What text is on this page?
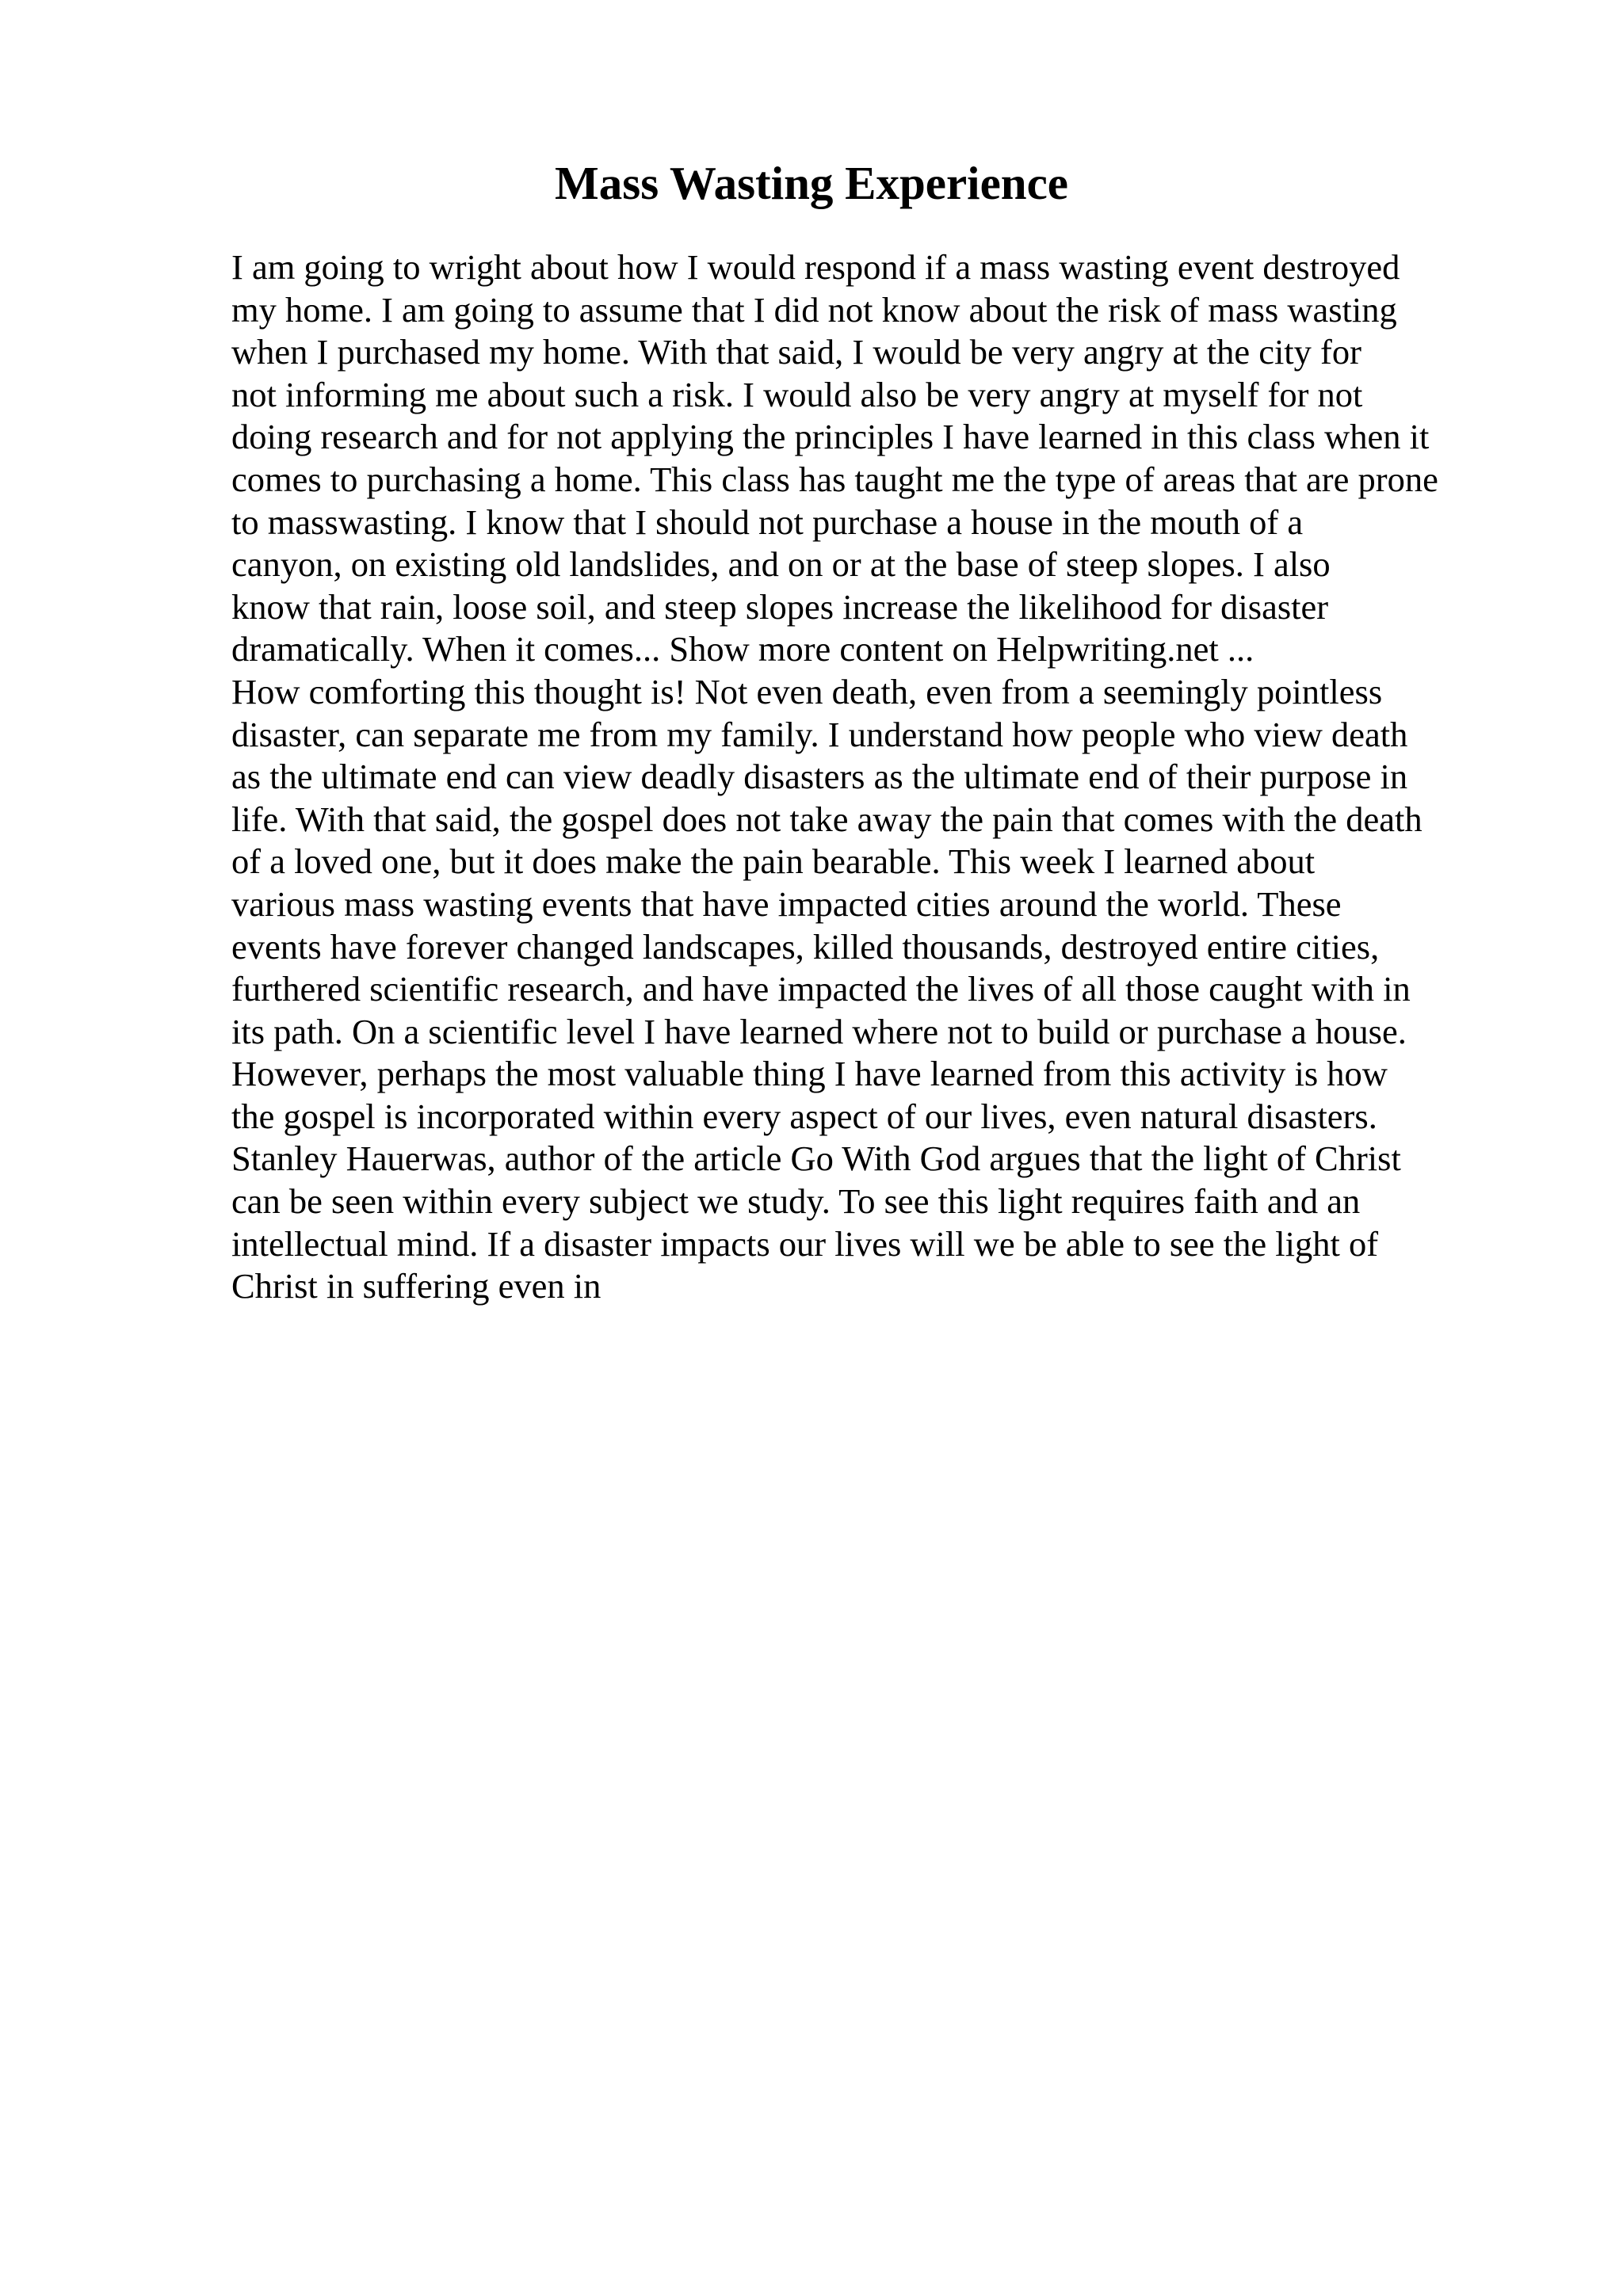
Mass Wasting Experience
I am going to wright about how I would respond if a mass wasting event destroyed
my home. I am going to assume that I did not know about the risk of mass wasting
when I purchased my home. With that said, I would be very angry at the city for
not informing me about such a risk. I would also be very angry at myself for not
doing research and for not applying the principles I have learned in this class when it
comes to purchasing a home. This class has taught me the type of areas that are prone
to masswasting. I know that I should not purchase a house in the mouth of a
canyon, on existing old landslides, and on or at the base of steep slopes. I also
know that rain, loose soil, and steep slopes increase the likelihood for disaster
dramatically. When it comes... Show more content on Helpwriting.net ...
How comforting this thought is! Not even death, even from a seemingly pointless
disaster, can separate me from my family. I understand how people who view death
as the ultimate end can view deadly disasters as the ultimate end of their purpose in
life. With that said, the gospel does not take away the pain that comes with the death
of a loved one, but it does make the pain bearable. This week I learned about
various mass wasting events that have impacted cities around the world. These
events have forever changed landscapes, killed thousands, destroyed entire cities,
furthered scientific research, and have impacted the lives of all those caught with in
its path. On a scientific level I have learned where not to build or purchase a house.
However, perhaps the most valuable thing I have learned from this activity is how
the gospel is incorporated within every aspect of our lives, even natural disasters.
Stanley Hauerwas, author of the article Go With God argues that the light of Christ
can be seen within every subject we study. To see this light requires faith and an
intellectual mind. If a disaster impacts our lives will we be able to see the light of
Christ in suffering even in
